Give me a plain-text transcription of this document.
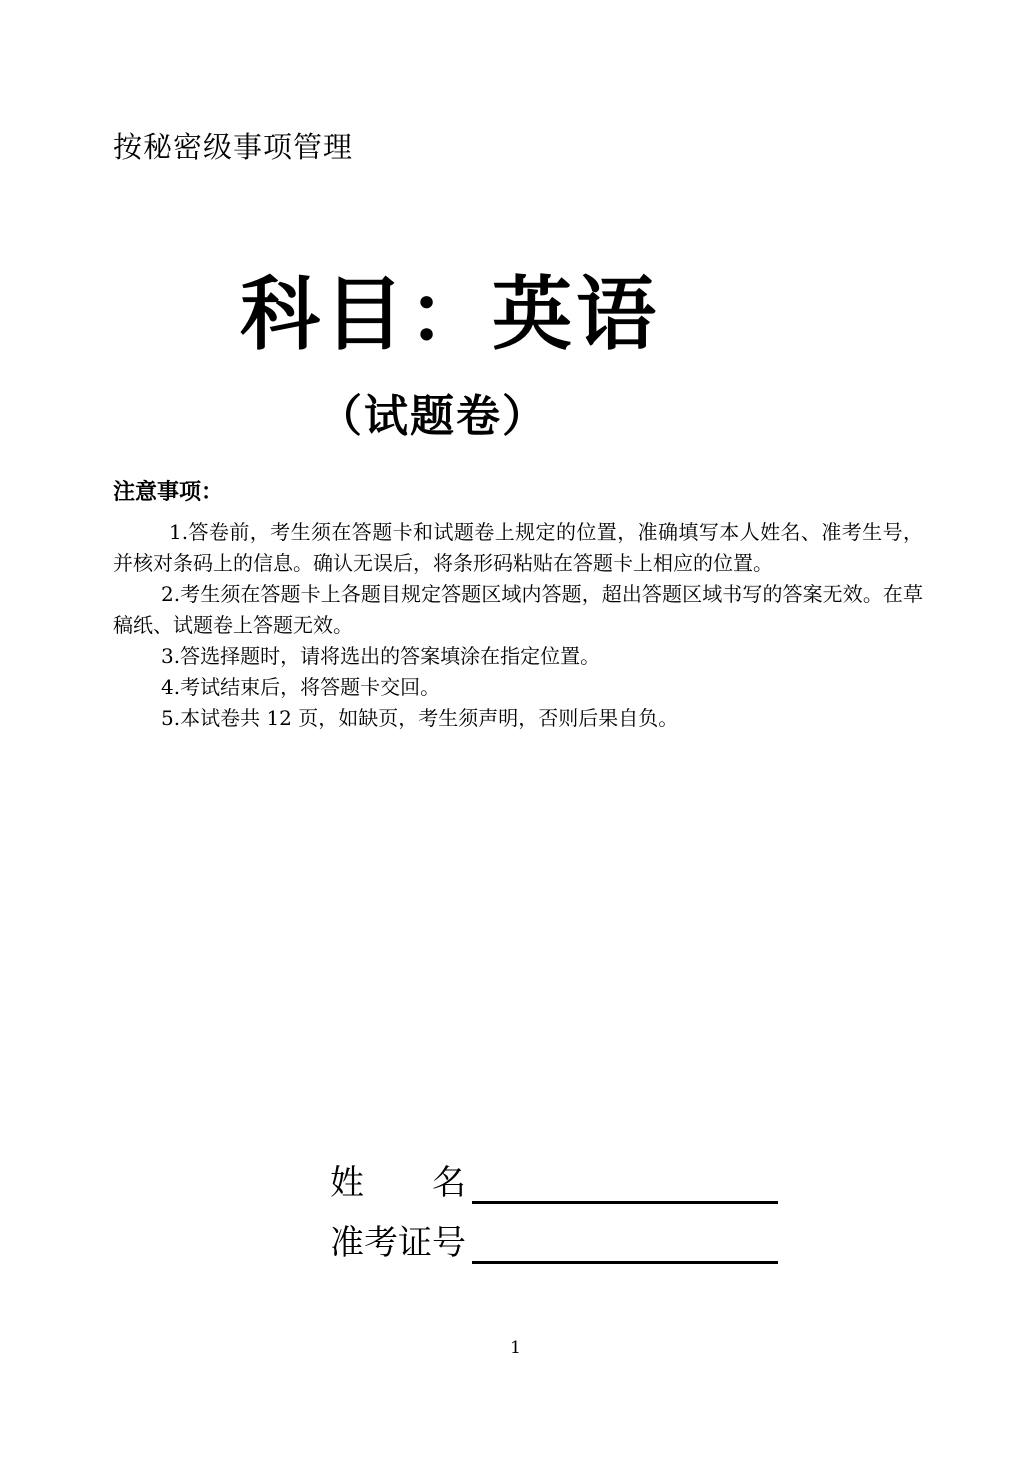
按秘密级事项管理

科目：英语
（试题卷）
注意事项：

1.答卷前，考生须在答题卡和试题卷上规定的位置，准确填写本人姓名、准考生号，并核对条码上的信息。确认无误后，将条形码粘贴在答题卡上相应的位置。

2.考生须在答题卡上各题目规定答题区域内答题，超出答题区域书写的答案无效。在草稿纸、试题卷上答题无效。

3.答选择题时，请将选出的答案填涂在指定位置。

4.考试结束后，将答题卡交回。

5.本试卷共 12 页，如缺页，考生须声明，否则后果自负。

姓　　名
准考证号
1
